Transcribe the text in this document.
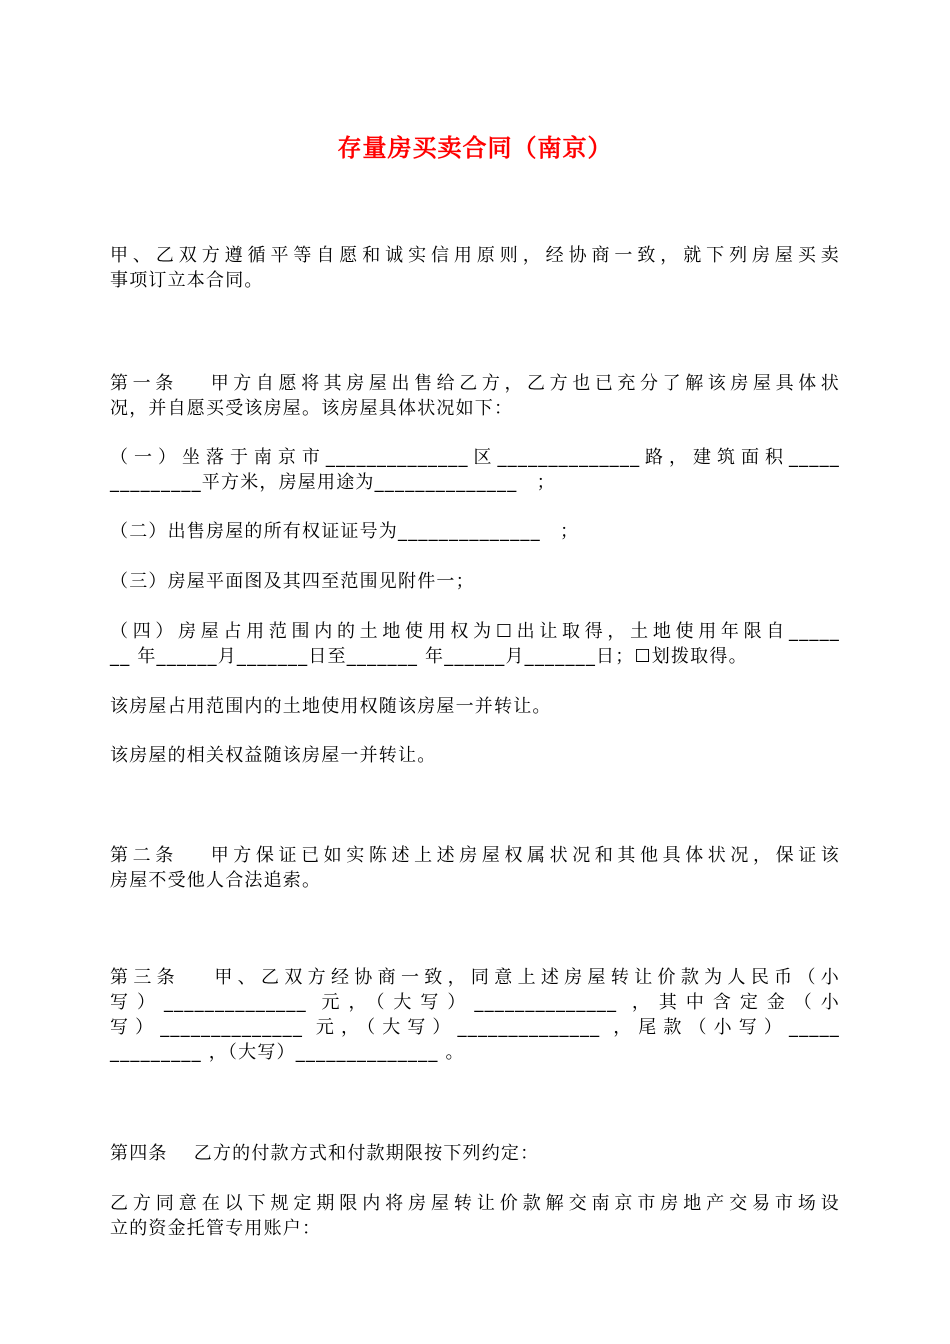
存量房买卖合同（南京）
甲、乙双方遵循平等自愿和诚实信用原则，经协商一致，就下列房屋买卖
事项订立本合同。
第一条　 甲方自愿将其房屋出售给乙方，乙方也已充分了解该房屋具体状
况，并自愿买受该房屋。该房屋具体状况如下：
（一）坐落于南京市______________区______________路，建筑面积_____
_________平方米，房屋用途为______________　；
（二）出售房屋的所有权证证号为______________　；
（三）房屋平面图及其四至范围见附件一；
（四）房屋占用范围内的土地使用权为☐出让取得，土地使用年限自_____
__ 年______月_______日至_______ 年______月_______日；☐划拨取得。
该房屋占用范围内的土地使用权随该房屋一并转让。
该房屋的相关权益随该房屋一并转让。
第二条　 甲方保证已如实陈述上述房屋权属状况和其他具体状况，保证该
房屋不受他人合法追索。
第三条　 甲、乙双方经协商一致，同意上述房屋转让价款为人民币（小
写）______________ 元，（大写）______________ ，其中含定金（小
写）______________ 元，（大写）______________ ，尾款（小写）_____
_________ ，（大写）______________ 。
第四条　 乙方的付款方式和付款期限按下列约定：
乙方同意在以下规定期限内将房屋转让价款解交南京市房地产交易市场设
立的资金托管专用账户：
